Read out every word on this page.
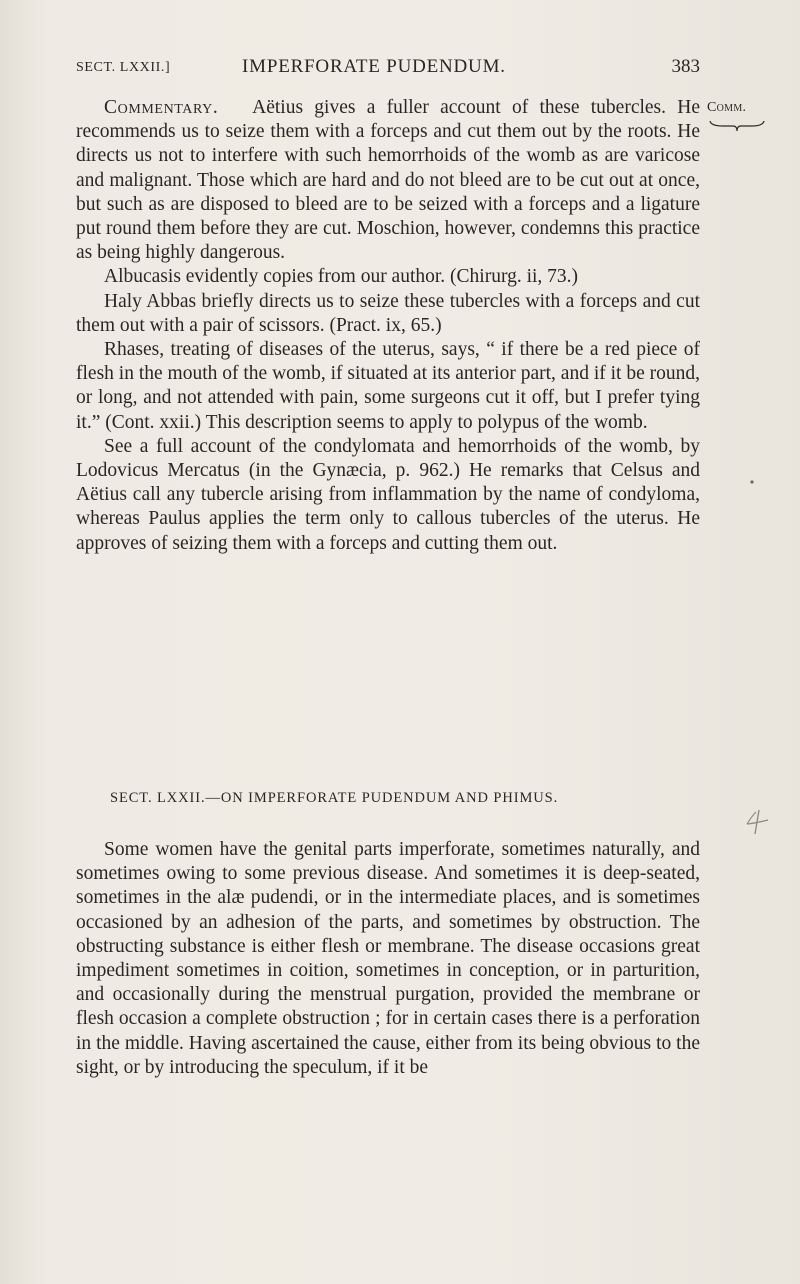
SECT. LXXII.]	IMPERFORATE PUDENDUM.	383
Comm.

Commentary. Aëtius gives a fuller account of these tubercles. He recommends us to seize them with a forceps and cut them out by the roots. He directs us not to interfere with such hemorrhoids of the womb as are varicose and malignant. Those which are hard and do not bleed are to be cut out at once, but such as are disposed to bleed are to be seized with a forceps and a ligature put round them before they are cut. Moschion, however, condemns this practice as being highly dangerous.

Albucasis evidently copies from our author. (Chirurg. ii, 73.)

Haly Abbas briefly directs us to seize these tubercles with a forceps and cut them out with a pair of scissors. (Pract. ix, 65.)

Rhases, treating of diseases of the uterus, says, “ if there be a red piece of flesh in the mouth of the womb, if situated at its anterior part, and if it be round, or long, and not attended with pain, some surgeons cut it off, but I prefer tying it.” (Cont. xxii.) This description seems to apply to polypus of the womb.

See a full account of the condylomata and hemorrhoids of the womb, by Lodovicus Mercatus (in the Gynæcia, p. 962.) He remarks that Celsus and Aëtius call any tubercle arising from inflammation by the name of condyloma, whereas Paulus applies the term only to callous tubercles of the uterus. He approves of seizing them with a forceps and cutting them out.

SECT. LXXII.—ON IMPERFORATE PUDENDUM AND PHIMUS.

Some women have the genital parts imperforate, sometimes naturally, and sometimes owing to some previous disease. And sometimes it is deep-seated, sometimes in the alæ pudendi, or in the intermediate places, and is sometimes occasioned by an adhesion of the parts, and sometimes by obstruction. The obstructing substance is either flesh or membrane. The disease occasions great impediment sometimes in coition, sometimes in conception, or in parturition, and occasionally during the menstrual purgation, provided the membrane or flesh occasion a complete obstruction ; for in certain cases there is a perforation in the middle. Having ascertained the cause, either from its being obvious to the sight, or by introducing the speculum, if it be
